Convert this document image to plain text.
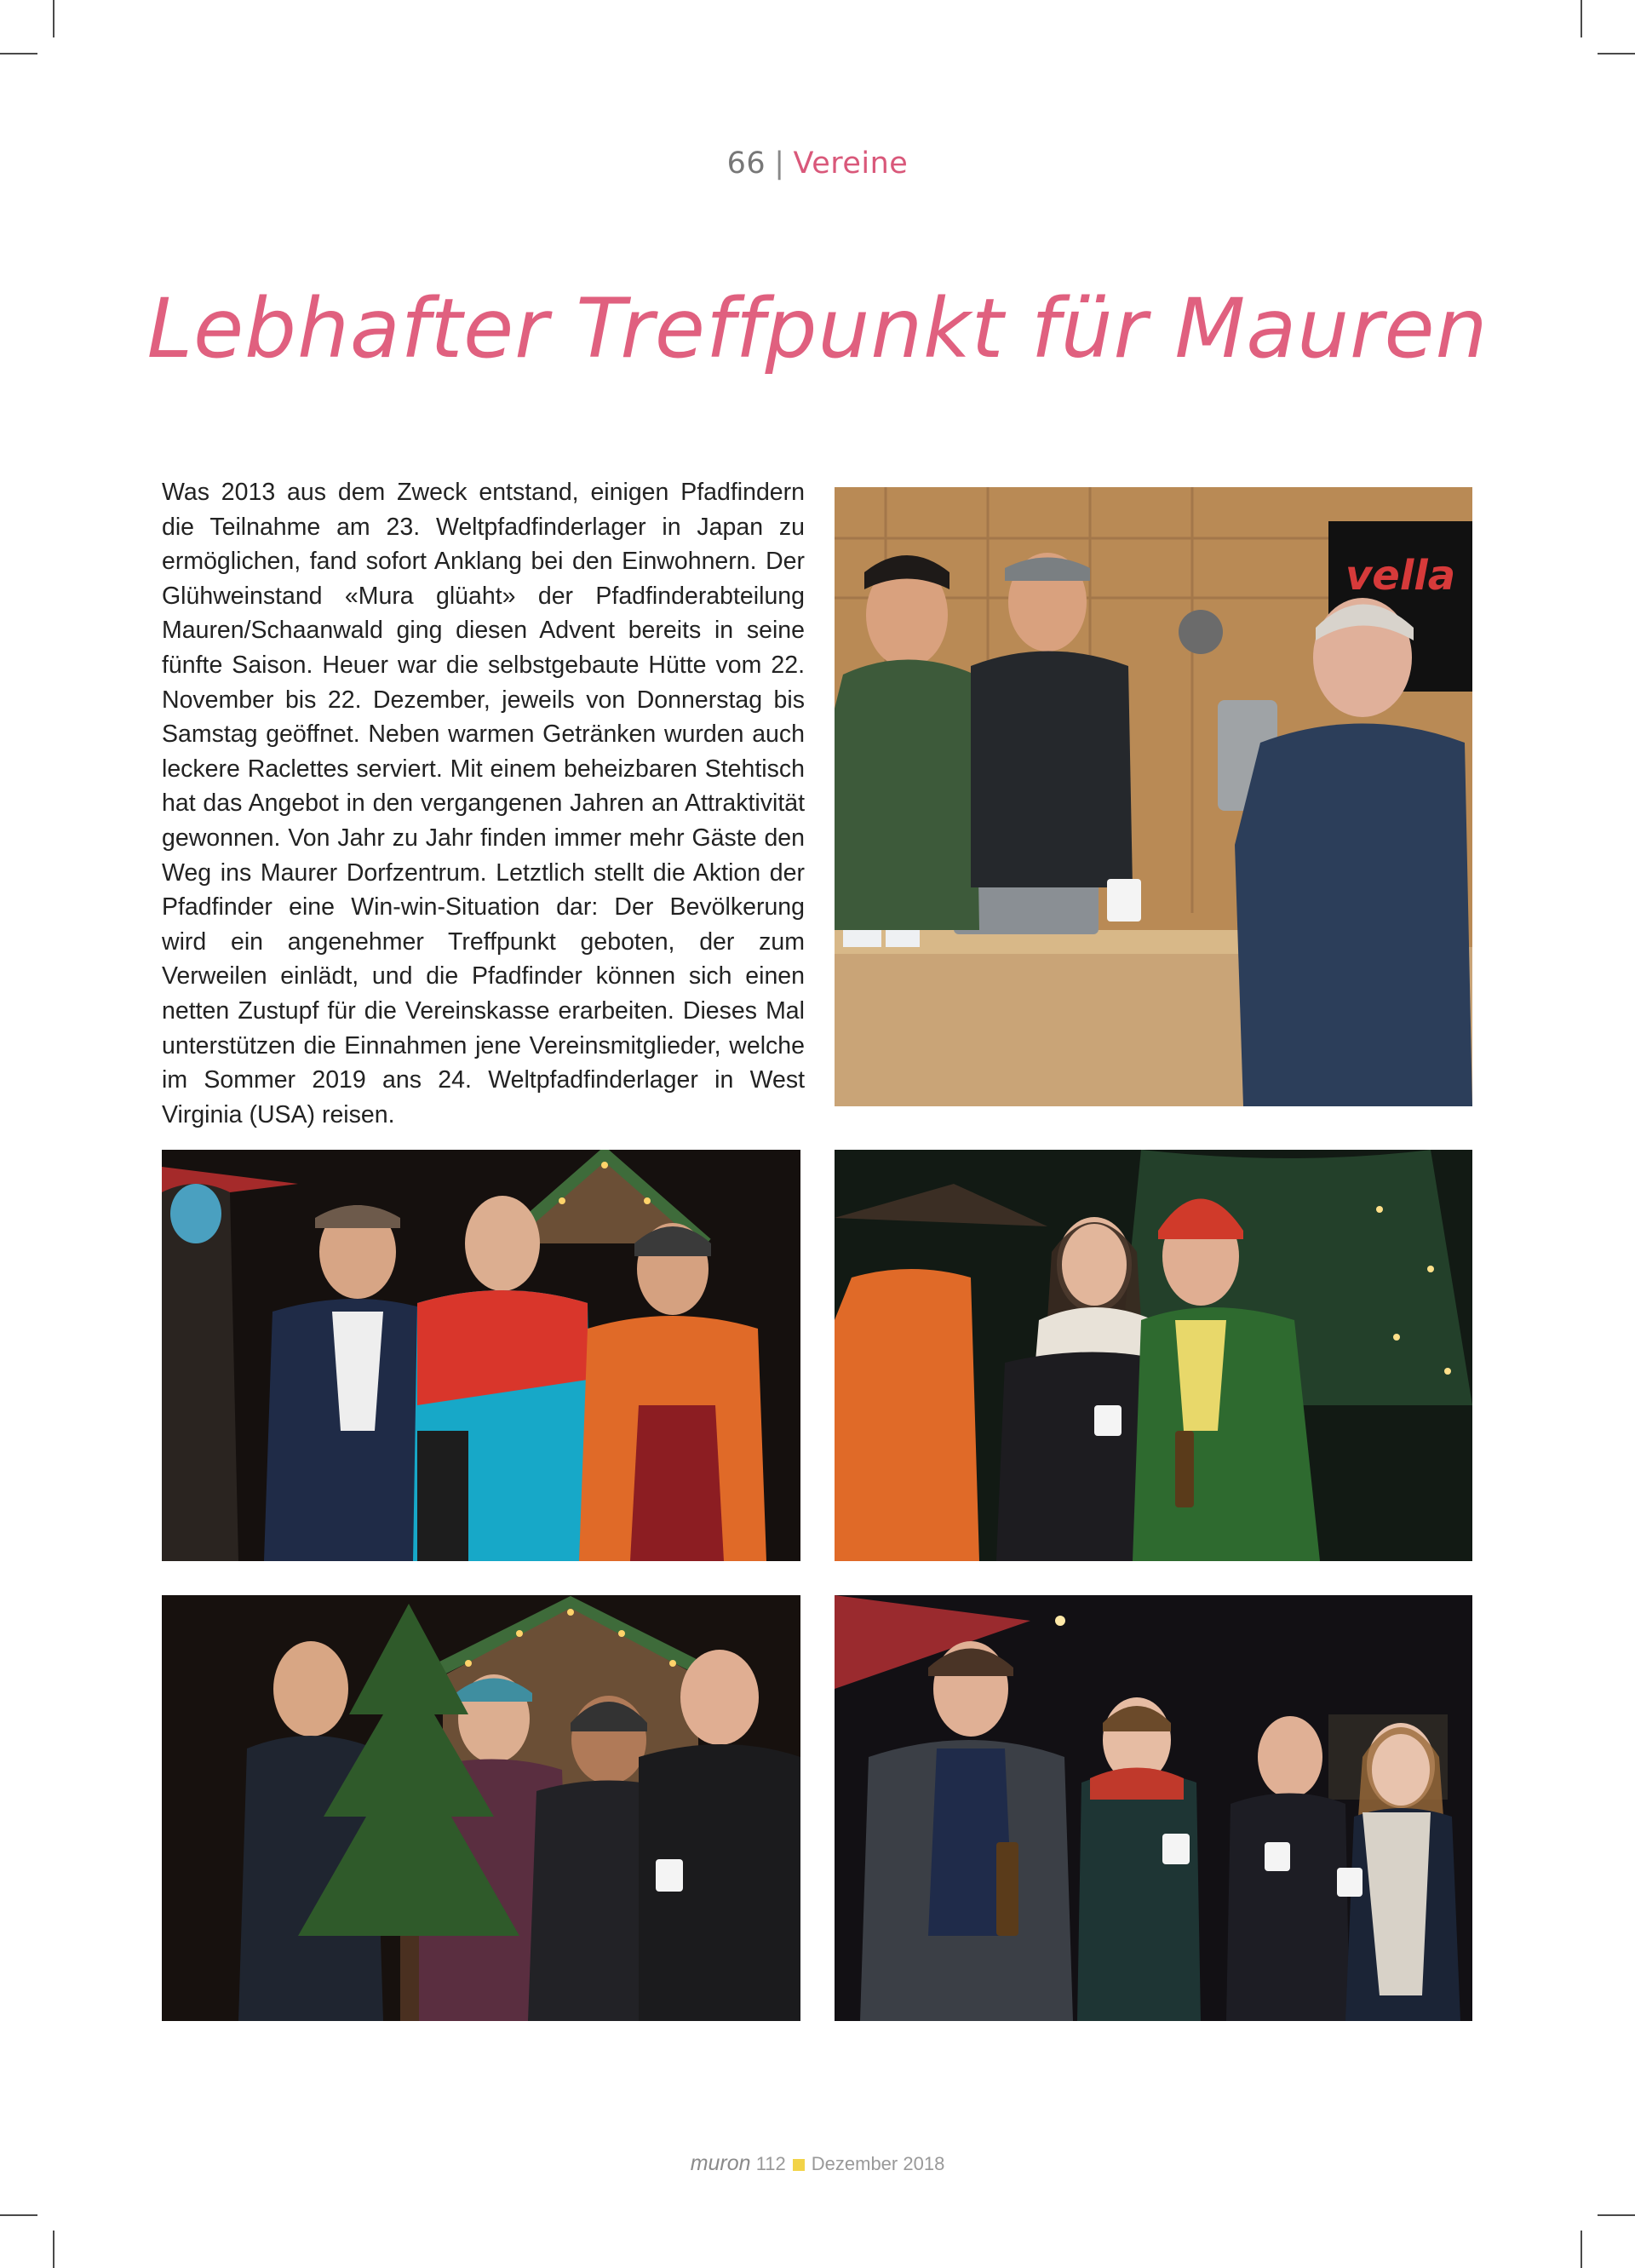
66 | Vereine
Lebhafter Treffpunkt für Mauren
Was 2013 aus dem Zweck entstand, einigen Pfadfindern die Teilnahme am 23. Weltpfadfinderlager in Japan zu ermöglichen, fand sofort Anklang bei den Einwohnern. Der Glühweinstand «Mura glüaht» der Pfadfinderabteilung Mauren/Schaanwald ging diesen Advent bereits in seine fünfte Saison. Heuer war die selbstgebaute Hütte vom 22. November bis 22. Dezember, jeweils von Donnerstag bis Samstag geöffnet. Neben warmen Getränken wurden auch leckere Raclettes serviert. Mit einem beheizbaren Stehtisch hat das Angebot in den vergangenen Jahren an Attraktivität gewonnen. Von Jahr zu Jahr finden immer mehr Gäste den Weg ins Maurer Dorfzentrum. Letztlich stellt die Aktion der Pfadfinder eine Win-win-Situation dar: Der Bevölkerung wird ein angenehmer Treffpunkt geboten, der zum Verweilen einlädt, und die Pfadfinder können sich einen netten Zustupf für die Vereinskasse erarbeiten. Dieses Mal unterstützen die Einnahmen jene Vereinsmitglieder, welche im Sommer 2019 ans 24. Weltpfadfinderlager in West Virginia (USA) reisen.
vella
muron 112 Dezember 2018
